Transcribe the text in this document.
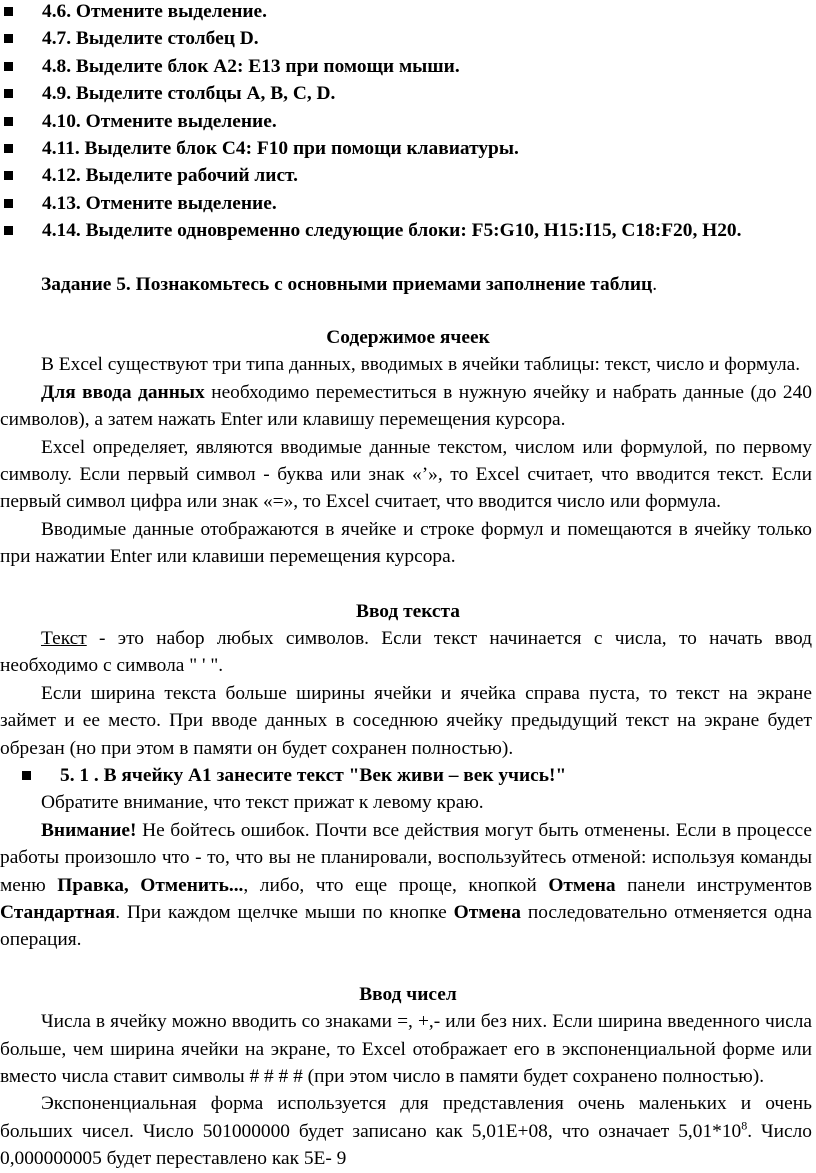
4.6. Отмените выделение.
4.7. Выделите столбец D.
4.8. Выделите блок А2: Е13 при помощи мыши.
4.9. Выделите столбцы А, В, С, D.
4.10. Отмените выделение.
4.11. Выделите блок С4: F10 при помощи клавиатуры.
4.12. Выделите рабочий лист.
4.13. Отмените выделение.
4.14. Выделите одновременно следующие блоки: F5:G10, Н15:I15, C18:F20, Н20.
Задание 5. Познакомьтесь с основными приемами заполнение таблиц.
Содержимое ячеек
В Excel существуют три типа данных, вводимых в ячейки таблицы: текст, число и формула.
Для ввода данных необходимо переместиться в нужную ячейку и набрать данные (до 240 символов), а затем нажать Enter или клавишу перемещения курсора.
Excel определяет, являются вводимые данные текстом, числом или формулой, по первому символу. Если первый символ - буква или знак «’», то Excel считает, что вводится текст. Если первый символ цифра или знак «=», то Excel считает, что вводится число или формула.
Вводимые данные отображаются в ячейке и строке формул и помещаются в ячейку только при нажатии Enter или клавиши перемещения курсора.
Ввод текста
Текст - это набор любых символов. Если текст начинается с числа, то начать ввод необходимо с символа " ' ".
Если ширина текста больше ширины ячейки и ячейка справа пуста, то текст на экране займет и ее место. При вводе данных в соседнюю ячейку предыдущий текст на экране будет обрезан (но при этом в памяти он будет сохранен полностью).
5. 1 . В ячейку А1 занесите текст "Век живи – век учись!"
Обратите внимание, что текст прижат к левому краю.
Внимание! Не бойтесь ошибок. Почти все действия могут быть отменены. Если в процессе работы произошло что - то, что вы не планировали, воспользуйтесь отменой: используя команды меню Правка, Отменить..., либо, что еще проще, кнопкой Отмена панели инструментов Стандартная. При каждом щелчке мыши по кнопке Отмена последовательно отменяется одна операция.
Ввод чисел
Числа в ячейку можно вводить со знаками =, +,- или без них. Если ширина введенного числа больше, чем ширина ячейки на экране, то Excel отображает его в экспоненциальной форме или вместо числа ставит символы # # # # (при этом число в памяти будет сохранено полностью).
Экспоненциальная форма используется для представления очень маленьких и очень больших чисел. Число 501000000 будет записано как 5,01Е+08, что означает $5,01*10^8$. Число 0,000000005 будет переставлено как 5Е- 9
